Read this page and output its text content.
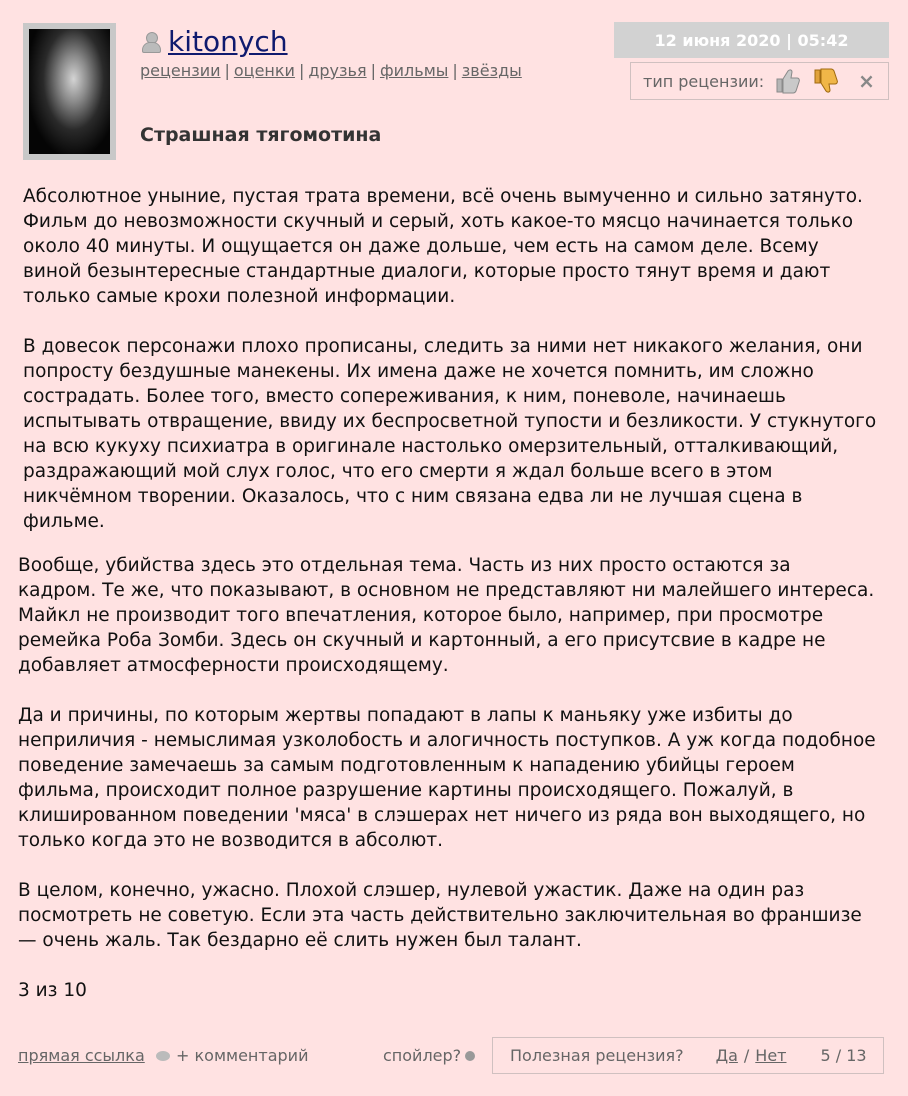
kitonych
рецензии | оценки | друзья | фильмы | звёзды
12 июня 2020 | 05:42
тип рецензии:	×
Страшная тягомотина

Абсолютное уныние, пустая трата времени, всё очень вымученно и сильно затянуто.

Фильм до невозможности скучный и серый, хоть какое-то мясцо начинается только

около 40 минуты. И ощущается он даже дольше, чем есть на самом деле. Всему

виной безынтересные стандартные диалоги, которые просто тянут время и дают

только самые крохи полезной информации.

В довесок персонажи плохо прописаны, следить за ними нет никакого желания, они

попросту бездушные манекены. Их имена даже не хочется помнить, им сложно

сострадать. Более того, вместо сопереживания, к ним, поневоле, начинаешь

испытывать отвращение, ввиду их беспросветной тупости и безликости. У стукнутого

на всю кукуху психиатра в оригинале настолько омерзительный, отталкивающий,

раздражающий мой слух голос, что его смерти я ждал больше всего в этом

никчёмном творении. Оказалось, что с ним связана едва ли не лучшая сцена в

фильме.

Вообще, убийства здесь это отдельная тема. Часть из них просто остаются за

кадром. Те же, что показывают, в основном не представляют ни малейшего интереса.

Майкл не производит того впечатления, которое было, например, при просмотре

ремейка Роба Зомби. Здесь он скучный и картонный, а его присутсвие в кадре не

добавляет атмосферности происходящему.

Да и причины, по которым жертвы попадают в лапы к маньяку уже избиты до

неприличия - немыслимая узколобость и алогичность поступков. А уж когда подобное

поведение замечаешь за самым подготовленным к нападению убийцы героем

фильма, происходит полное разрушение картины происходящего. Пожалуй, в

клишированном поведении 'мяса' в слэшерах нет ничего из ряда вон выходящего, но

только когда это не возводится в абсолют.

В целом, конечно, ужасно. Плохой слэшер, нулевой ужастик. Даже на один раз

посмотреть не советую. Если эта часть действительно заключительная во франшизе

— очень жаль. Так бездарно её слить нужен был талант.

3 из 10

прямая ссылка + комментарий	спойлер?	Полезная рецензия? Да / Нет 5 / 13
